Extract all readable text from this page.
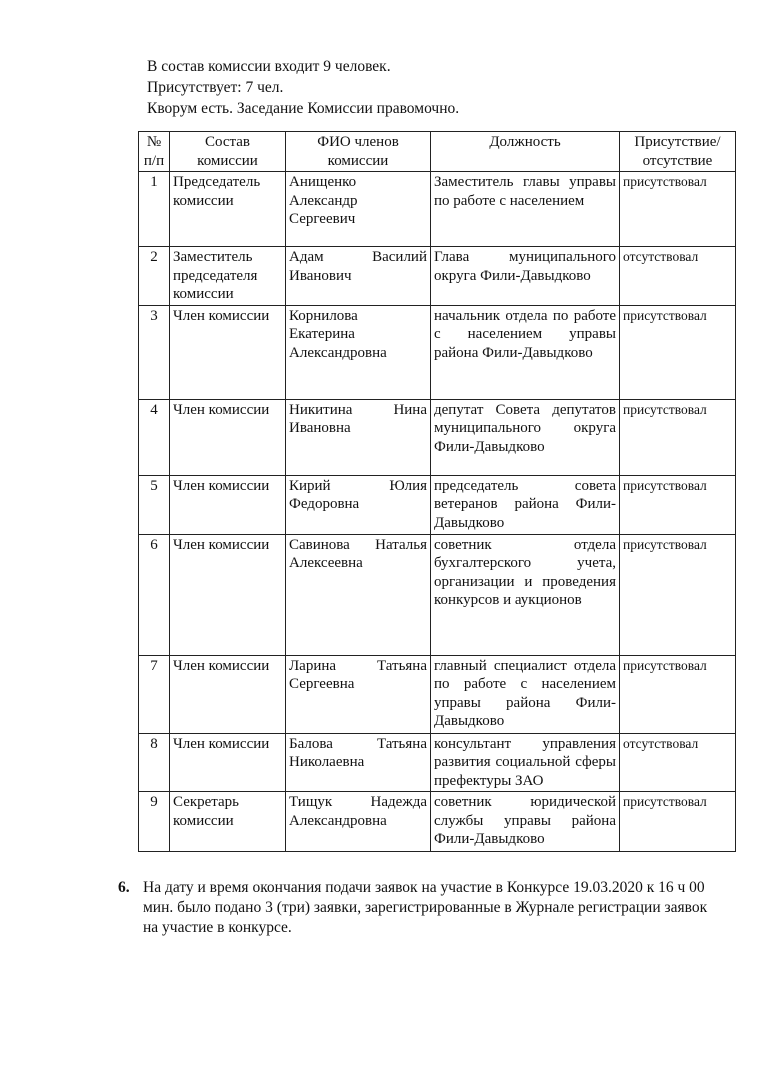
В состав комиссии входит 9 человек.

Присутствует: 7 чел.

Кворум есть. Заседание Комиссии правомочно.

№ п/п	Состав комиссии	ФИО членов комиссии	Должность	Присутствие/ отсутствие
1	Председатель комиссии	Анищенко Александр Сергеевич	Заместитель главы управы по работе с населением	присутствовал
2	Заместитель председателя комиссии	Адам Василий Иванович	Глава муниципального округа Фили-Давыдково	отсутствовал
3	Член комиссии	Корнилова Екатерина Александровна	начальник отдела по работе с населением управы района Фили-Давыдково	присутствовал
4	Член комиссии	Никитина Нина Ивановна	депутат Совета депутатов муниципального округа Фили-Давыдково	присутствовал
5	Член комиссии	Кирий Юлия Федоровна	председатель совета ветеранов района Фили-Давыдково	присутствовал
6	Член комиссии	Савинова Наталья Алексеевна	советник отдела бухгалтерского учета, организации и проведения конкурсов и аукционов	присутствовал
7	Член комиссии	Ларина Татьяна Сергеевна	главный специалист отдела по работе с населением управы района Фили-Давыдково	присутствовал
8	Член комиссии	Балова Татьяна Николаевна	консультант управления развития социальной сферы префектуры ЗАО	отсутствовал
9	Секретарь комиссии	Тищук Надежда Александровна	советник юридической службы управы района Фили-Давыдково	присутствовал
6. На дату и время окончания подачи заявок на участие в Конкурсе 19.03.2020 к 16 ч 00 мин. было подано 3 (три) заявки, зарегистрированные в Журнале регистрации заявок на участие в конкурсе.
